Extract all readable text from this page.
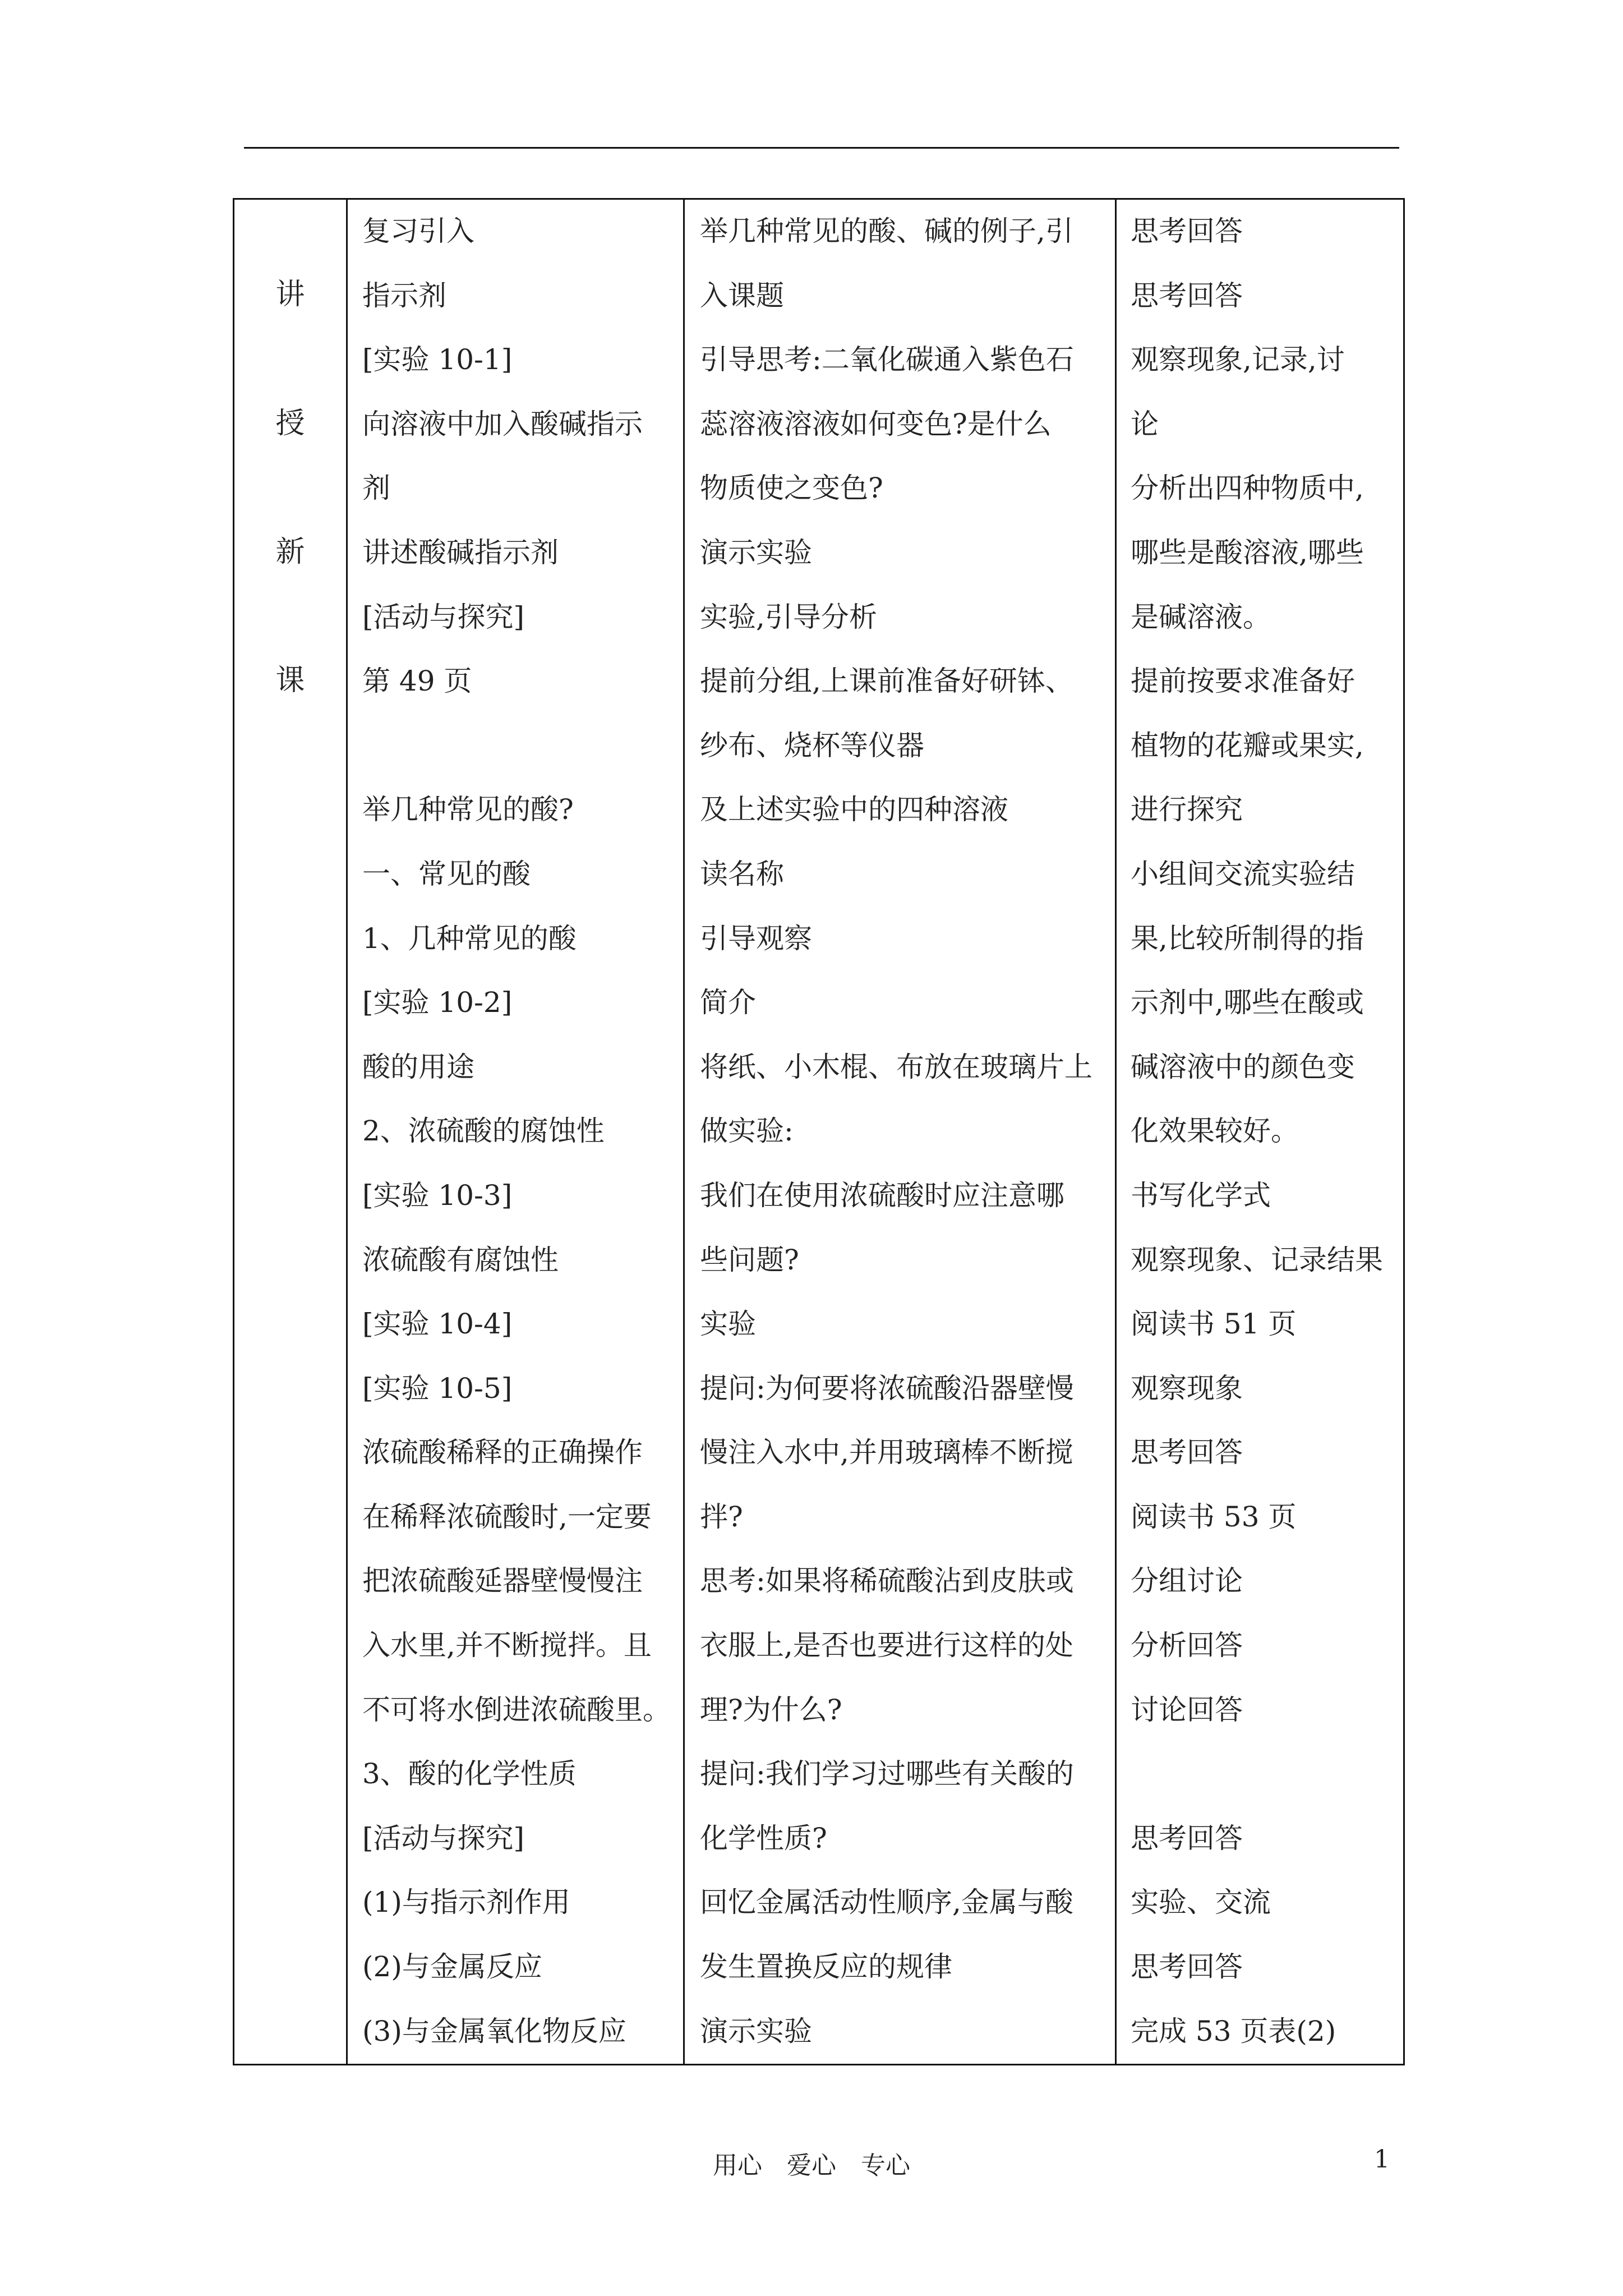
讲
授
新
课
复习引入
指示剂
[实验 10-1]
向溶液中加入酸碱指示
剂
讲述酸碱指示剂
[活动与探究]
第 49 页
举几种常见的酸?
一、常见的酸
1、几种常见的酸
[实验 10-2]
酸的用途
2、浓硫酸的腐蚀性
[实验 10-3]
浓硫酸有腐蚀性
[实验 10-4]
[实验 10-5]
浓硫酸稀释的正确操作
在稀释浓硫酸时,一定要
把浓硫酸延器壁慢慢注
入水里,并不断搅拌。且
不可将水倒进浓硫酸里。
3、酸的化学性质
[活动与探究]
(1)与指示剂作用
(2)与金属反应
(3)与金属氧化物反应
举几种常见的酸、碱的例子,引
入课题
引导思考:二氧化碳通入紫色石
蕊溶液溶液如何变色?是什么
物质使之变色?
演示实验
实验,引导分析
提前分组,上课前准备好研钵、
纱布、烧杯等仪器
及上述实验中的四种溶液
读名称
引导观察
简介
将纸、小木棍、布放在玻璃片上
做实验:
我们在使用浓硫酸时应注意哪
些问题?
实验
提问:为何要将浓硫酸沿器壁慢
慢注入水中,并用玻璃棒不断搅
拌?
思考:如果将稀硫酸沾到皮肤或
衣服上,是否也要进行这样的处
理?为什么?
提问:我们学习过哪些有关酸的
化学性质?
回忆金属活动性顺序,金属与酸
发生置换反应的规律
演示实验
思考回答
思考回答
观察现象,记录,讨
论
分析出四种物质中,
哪些是酸溶液,哪些
是碱溶液。
提前按要求准备好
植物的花瓣或果实,
进行探究
小组间交流实验结
果,比较所制得的指
示剂中,哪些在酸或
碱溶液中的颜色变
化效果较好。
书写化学式
观察现象、记录结果
阅读书 51 页
观察现象
思考回答
阅读书 53 页
分组讨论
分析回答
讨论回答
思考回答
实验、交流
思考回答
完成 53 页表(2)
用心 爱心 专心	1
